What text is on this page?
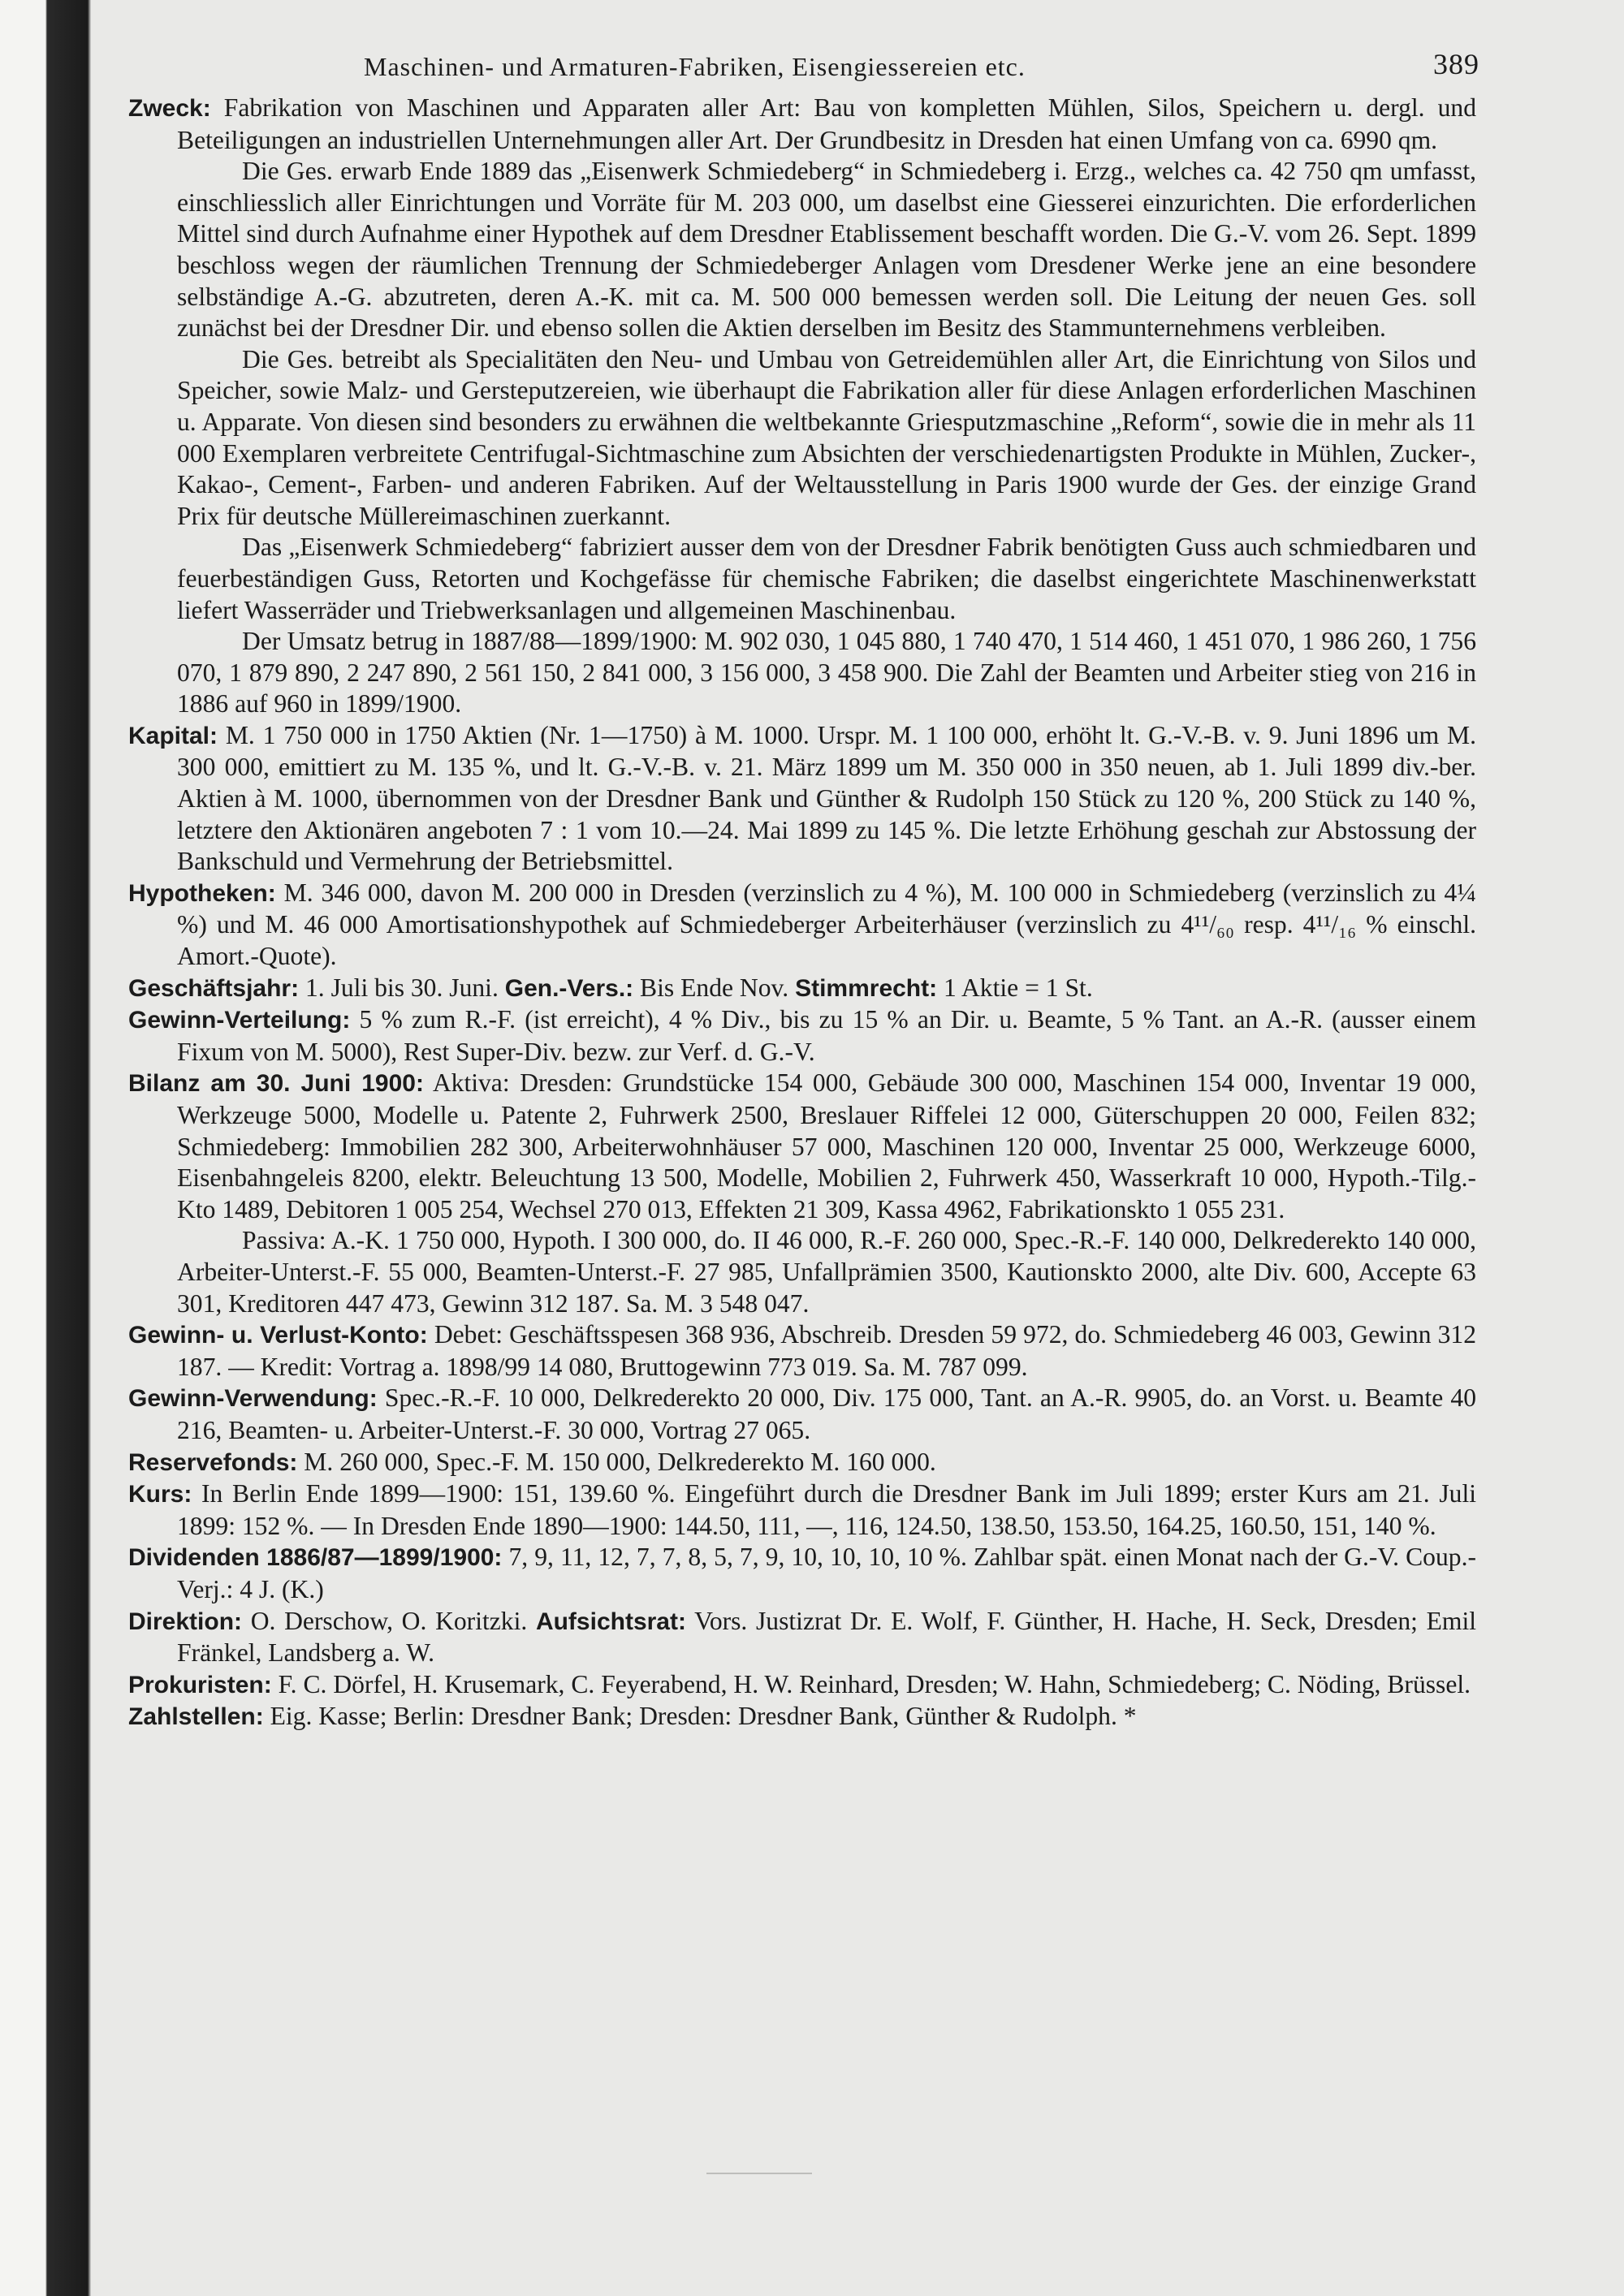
Maschinen- und Armaturen-Fabriken, Eisengiessereien etc.	389

Zweck: Fabrikation von Maschinen und Apparaten aller Art: Bau von kompletten Mühlen, Silos, Speichern u. dergl. und Beteiligungen an industriellen Unternehmungen aller Art. Der Grundbesitz in Dresden hat einen Umfang von ca. 6990 qm.

Die Ges. erwarb Ende 1889 das „Eisenwerk Schmiedeberg“ in Schmiedeberg i. Erzg., welches ca. 42 750 qm umfasst, einschliesslich aller Einrichtungen und Vorräte für M. 203 000, um daselbst eine Giesserei einzurichten. Die erforderlichen Mittel sind durch Aufnahme einer Hypothek auf dem Dresdner Etablissement beschafft worden. Die G.-V. vom 26. Sept. 1899 beschloss wegen der räumlichen Trennung der Schmiedeberger Anlagen vom Dresdener Werke jene an eine besondere selbständige A.-G. abzutreten, deren A.-K. mit ca. M. 500 000 bemessen werden soll. Die Leitung der neuen Ges. soll zunächst bei der Dresdner Dir. und ebenso sollen die Aktien derselben im Besitz des Stammunternehmens verbleiben.

Die Ges. betreibt als Specialitäten den Neu- und Umbau von Getreidemühlen aller Art, die Einrichtung von Silos und Speicher, sowie Malz- und Gersteputzereien, wie überhaupt die Fabrikation aller für diese Anlagen erforderlichen Maschinen u. Apparate. Von diesen sind besonders zu erwähnen die weltbekannte Griesputzmaschine „Reform“, sowie die in mehr als 11 000 Exemplaren verbreitete Centrifugal-Sichtmaschine zum Absichten der verschiedenartigsten Produkte in Mühlen, Zucker-, Kakao-, Cement-, Farben- und anderen Fabriken. Auf der Weltausstellung in Paris 1900 wurde der Ges. der einzige Grand Prix für deutsche Müllereimaschinen zuerkannt.

Das „Eisenwerk Schmiedeberg“ fabriziert ausser dem von der Dresdner Fabrik benötigten Guss auch schmiedbaren und feuerbeständigen Guss, Retorten und Kochgefässe für chemische Fabriken; die daselbst eingerichtete Maschinenwerkstatt liefert Wasserräder und Triebwerksanlagen und allgemeinen Maschinenbau.

Der Umsatz betrug in 1887/88—1899/1900: M. 902 030, 1 045 880, 1 740 470, 1 514 460, 1 451 070, 1 986 260, 1 756 070, 1 879 890, 2 247 890, 2 561 150, 2 841 000, 3 156 000, 3 458 900. Die Zahl der Beamten und Arbeiter stieg von 216 in 1886 auf 960 in 1899/1900.

Kapital: M. 1 750 000 in 1750 Aktien (Nr. 1—1750) à M. 1000. Urspr. M. 1 100 000, erhöht lt. G.-V.-B. v. 9. Juni 1896 um M. 300 000, emittiert zu M. 135 %, und lt. G.-V.-B. v. 21. März 1899 um M. 350 000 in 350 neuen, ab 1. Juli 1899 div.-ber. Aktien à M. 1000, übernommen von der Dresdner Bank und Günther & Rudolph 150 Stück zu 120 %, 200 Stück zu 140 %, letztere den Aktionären angeboten 7 : 1 vom 10.—24. Mai 1899 zu 145 %. Die letzte Erhöhung geschah zur Abstossung der Bankschuld und Vermehrung der Betriebsmittel.

Hypotheken: M. 346 000, davon M. 200 000 in Dresden (verzinslich zu 4 %), M. 100 000 in Schmiedeberg (verzinslich zu 4¼ %) und M. 46 000 Amortisationshypothek auf Schmiedeberger Arbeiterhäuser (verzinslich zu 4¹¹/₆₀ resp. 4¹¹/₁₆ % einschl. Amort.-Quote).

Geschäftsjahr: 1. Juli bis 30. Juni. Gen.-Vers.: Bis Ende Nov. Stimmrecht: 1 Aktie = 1 St.

Gewinn-Verteilung: 5 % zum R.-F. (ist erreicht), 4 % Div., bis zu 15 % an Dir. u. Beamte, 5 % Tant. an A.-R. (ausser einem Fixum von M. 5000), Rest Super-Div. bezw. zur Verf. d. G.-V.

Bilanz am 30. Juni 1900: Aktiva: Dresden: Grundstücke 154 000, Gebäude 300 000, Maschinen 154 000, Inventar 19 000, Werkzeuge 5000, Modelle u. Patente 2, Fuhrwerk 2500, Breslauer Riffelei 12 000, Güterschuppen 20 000, Feilen 832; Schmiedeberg: Immobilien 282 300, Arbeiterwohnhäuser 57 000, Maschinen 120 000, Inventar 25 000, Werkzeuge 6000, Eisenbahngeleis 8200, elektr. Beleuchtung 13 500, Modelle, Mobilien 2, Fuhrwerk 450, Wasserkraft 10 000, Hypoth.-Tilg.-Kto 1489, Debitoren 1 005 254, Wechsel 270 013, Effekten 21 309, Kassa 4962, Fabrikationskto 1 055 231.

Passiva: A.-K. 1 750 000, Hypoth. I 300 000, do. II 46 000, R.-F. 260 000, Spec.-R.-F. 140 000, Delkrederekto 140 000, Arbeiter-Unterst.-F. 55 000, Beamten-Unterst.-F. 27 985, Unfallprämien 3500, Kautionskto 2000, alte Div. 600, Accepte 63 301, Kreditoren 447 473, Gewinn 312 187. Sa. M. 3 548 047.

Gewinn- u. Verlust-Konto: Debet: Geschäftsspesen 368 936, Abschreib. Dresden 59 972, do. Schmiedeberg 46 003, Gewinn 312 187. — Kredit: Vortrag a. 1898/99 14 080, Bruttogewinn 773 019. Sa. M. 787 099.

Gewinn-Verwendung: Spec.-R.-F. 10 000, Delkrederekto 20 000, Div. 175 000, Tant. an A.-R. 9905, do. an Vorst. u. Beamte 40 216, Beamten- u. Arbeiter-Unterst.-F. 30 000, Vortrag 27 065.

Reservefonds: M. 260 000, Spec.-F. M. 150 000, Delkrederekto M. 160 000.

Kurs: In Berlin Ende 1899—1900: 151, 139.60 %. Eingeführt durch die Dresdner Bank im Juli 1899; erster Kurs am 21. Juli 1899: 152 %. — In Dresden Ende 1890—1900: 144.50, 111, —, 116, 124.50, 138.50, 153.50, 164.25, 160.50, 151, 140 %.

Dividenden 1886/87—1899/1900: 7, 9, 11, 12, 7, 7, 8, 5, 7, 9, 10, 10, 10, 10 %. Zahlbar spät. einen Monat nach der G.-V. Coup.-Verj.: 4 J. (K.)

Direktion: O. Derschow, O. Koritzki. Aufsichtsrat: Vors. Justizrat Dr. E. Wolf, F. Günther, H. Hache, H. Seck, Dresden; Emil Fränkel, Landsberg a. W.

Prokuristen: F. C. Dörfel, H. Krusemark, C. Feyerabend, H. W. Reinhard, Dresden; W. Hahn, Schmiedeberg; C. Nöding, Brüssel.

Zahlstellen: Eig. Kasse; Berlin: Dresdner Bank; Dresden: Dresdner Bank, Günther & Rudolph. *
